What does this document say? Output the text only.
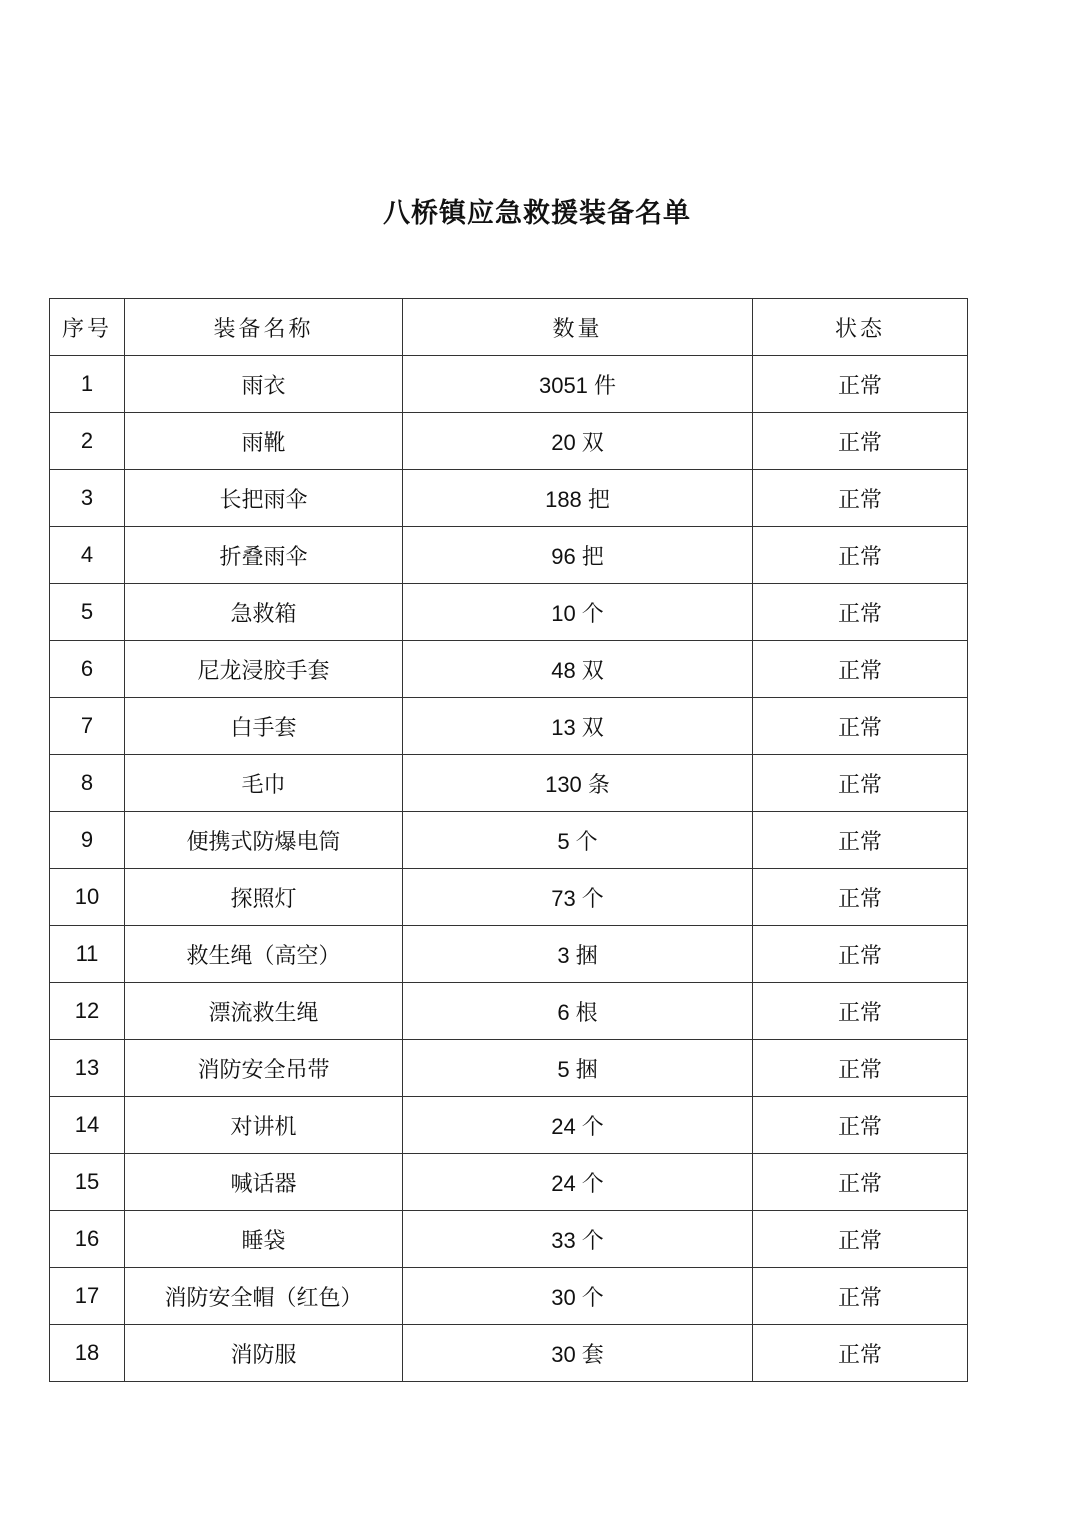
八桥镇应急救援装备名单
序号	装备名称	数量	状态
1	雨衣	3051 件	正常
2	雨靴	20 双	正常
3	长把雨伞	188 把	正常
4	折叠雨伞	96 把	正常
5	急救箱	10 个	正常
6	尼龙浸胶手套	48 双	正常
7	白手套	13 双	正常
8	毛巾	130 条	正常
9	便携式防爆电筒	5 个	正常
10	探照灯	73 个	正常
11	救生绳（高空）	3 捆	正常
12	漂流救生绳	6 根	正常
13	消防安全吊带	5 捆	正常
14	对讲机	24 个	正常
15	喊话器	24 个	正常
16	睡袋	33 个	正常
17	消防安全帽（红色）	30 个	正常
18	消防服	30 套	正常
